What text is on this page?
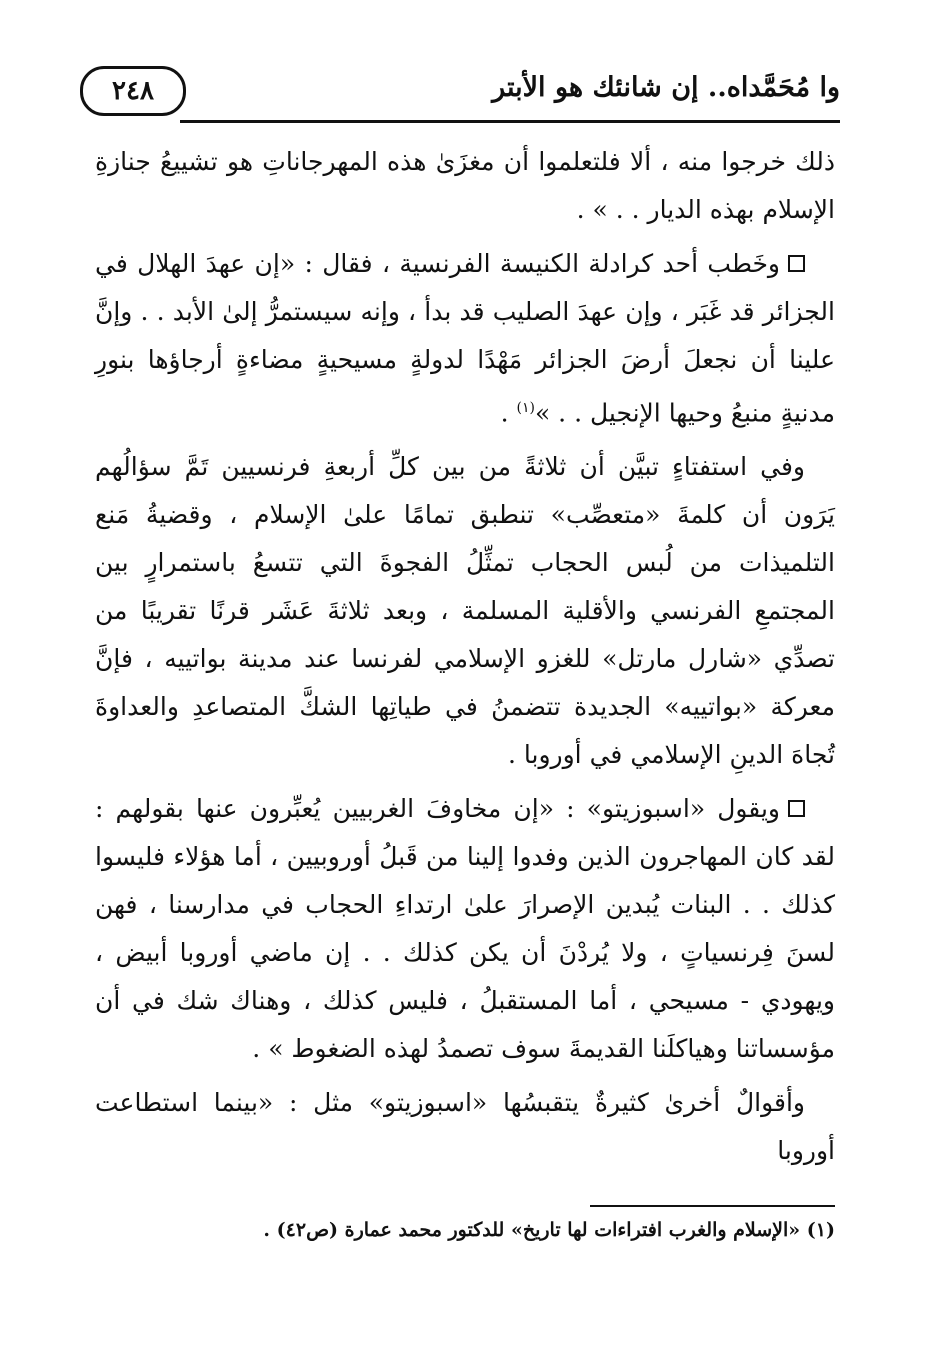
٢٤٨	وا مُحَمَّداه.. إن شانئك هو الأبتر

ذلك خرجوا منه ، ألا فلتعلموا أن مغزَىٰ هذه المهرجاناتِ هو تشييعُ جنازةِ الإسلام بهذه الديار . . » .

وخَطب أحد كرادلة الكنيسة الفرنسية ، فقال : «إن عهدَ الهلال في الجزائر قد غَبَر ، وإن عهدَ الصليب قد بدأ ، وإنه سيستمرُّ إلىٰ الأبد . . وإنَّ علينا أن نجعلَ أرضَ الجزائر مَهْدًا لدولةٍ مسيحيةٍ مضاءةٍ أرجاؤها بنورِ مدنيةٍ منبعُ وحيها الإنجيل . . »$^{(١)}$ .

وفي استفتاءٍ تبيَّن أن ثلاثةً من بين كلِّ أربعةِ فرنسيين تَمَّ سؤالُهم يَرَون أن كلمةَ «متعصِّب» تنطبق تمامًا علىٰ الإسلام ، وقضيةُ مَنع التلميذات من لُبس الحجاب تمثِّلُ الفجوةَ التي تتسعُ باستمرارٍ بين المجتمعِ الفرنسي والأقلية المسلمة ، وبعد ثلاثةَ عَشَر قرنًا تقريبًا من تصدِّي «شارل مارتل» للغزو الإسلامي لفرنسا عند مدينة بواتييه ، فإنَّ معركة «بواتييه» الجديدة تتضمنُ في طياتِها الشكَّ المتصاعدِ والعداوةَ تُجاهَ الدينِ الإسلامي في أوروبا .

ويقول «اسبوزيتو» : «إن مخاوفَ الغربيين يُعبِّرون عنها بقولهم : لقد كان المهاجرون الذين وفدوا إلينا من قَبلُ أوروبيين ، أما هؤلاء فليسوا كذلك . . البنات يُبدين الإصرارَ علىٰ ارتداءِ الحجاب في مدارسنا ، فهن لسنَ فِرنسياتٍ ، ولا يُردْنَ أن يكن كذلك . . إن ماضي أوروبا أبيض ، ويهودي - مسيحي ، أما المستقبلُ ، فليس كذلك ، وهناك شك في أن مؤسساتنا وهياكلَنا القديمةَ سوف تصمدُ لهذه الضغوط » .

وأقوالٌ أخرىٰ كثيرةٌ يتقبسُها «اسبوزيتو» مثل : «بينما استطاعت أوروبا

(١) «الإسلام والغرب افتراءات لها تاريخ» للدكتور محمد عمارة (ص٤٢) .
